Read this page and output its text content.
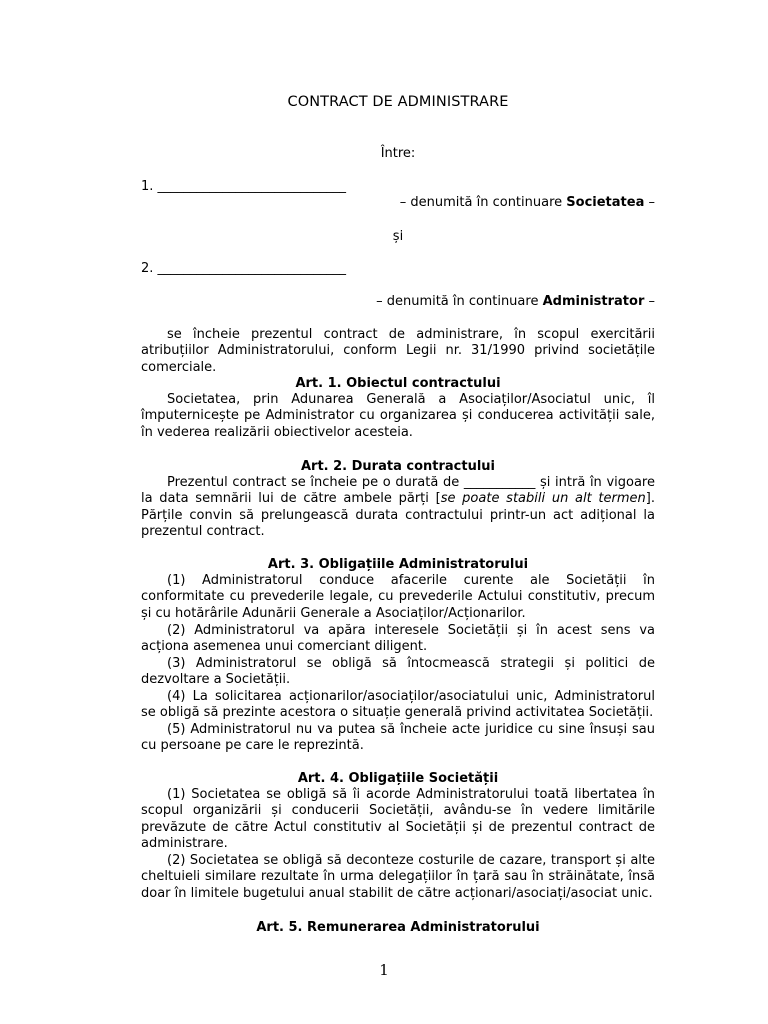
CONTRACT DE ADMINISTRARE
Între:
1. _____________________________
– denumită în continuare Societatea –
și
2. _____________________________
– denumită în continuare Administrator –
se încheie prezentul contract de administrare, în scopul exercitării atribuțiilor Administratorului, conform Legii nr. 31/1990 privind societățile comerciale.
Art. 1. Obiectul contractului
Societatea, prin Adunarea Generală a Asociaților/Asociatul unic, îl împuternicește pe Administrator cu organizarea și conducerea activității sale, în vederea realizării obiectivelor acesteia.
Art. 2. Durata contractului
Prezentul contract se încheie pe o durată de ___________ și intră în vigoare la data semnării lui de către ambele părți [se poate stabili un alt termen]. Părțile convin să prelungească durata contractului printr-un act adițional la prezentul contract.
Art. 3. Obligațiile Administratorului
(1) Administratorul conduce afacerile curente ale Societății în conformitate cu prevederile legale, cu prevederile Actului constitutiv, precum și cu hotărârile Adunării Generale a Asociaților/Acționarilor.
(2) Administratorul va apăra interesele Societății și în acest sens va acționa asemenea unui comerciant diligent.
(3) Administratorul se obligă să întocmească strategii și politici de dezvoltare a Societății.
(4) La solicitarea acționarilor/asociaților/asociatului unic, Administratorul se obligă să prezinte acestora o situație generală privind activitatea Societății.
(5) Administratorul nu va putea să încheie acte juridice cu sine însuși sau cu persoane pe care le reprezintă.
Art. 4. Obligațiile Societății
(1) Societatea se obligă să îi acorde Administratorului toată libertatea în scopul organizării și conducerii Societății, avându-se în vedere limitările prevăzute de către Actul constitutiv al Societății și de prezentul contract de administrare.
(2) Societatea se obligă să deconteze costurile de cazare, transport și alte cheltuieli similare rezultate în urma delegațiilor în țară sau în străinătate, însă doar în limitele bugetului anual stabilit de către acționari/asociați/asociat unic.
Art. 5. Remunerarea Administratorului
1
